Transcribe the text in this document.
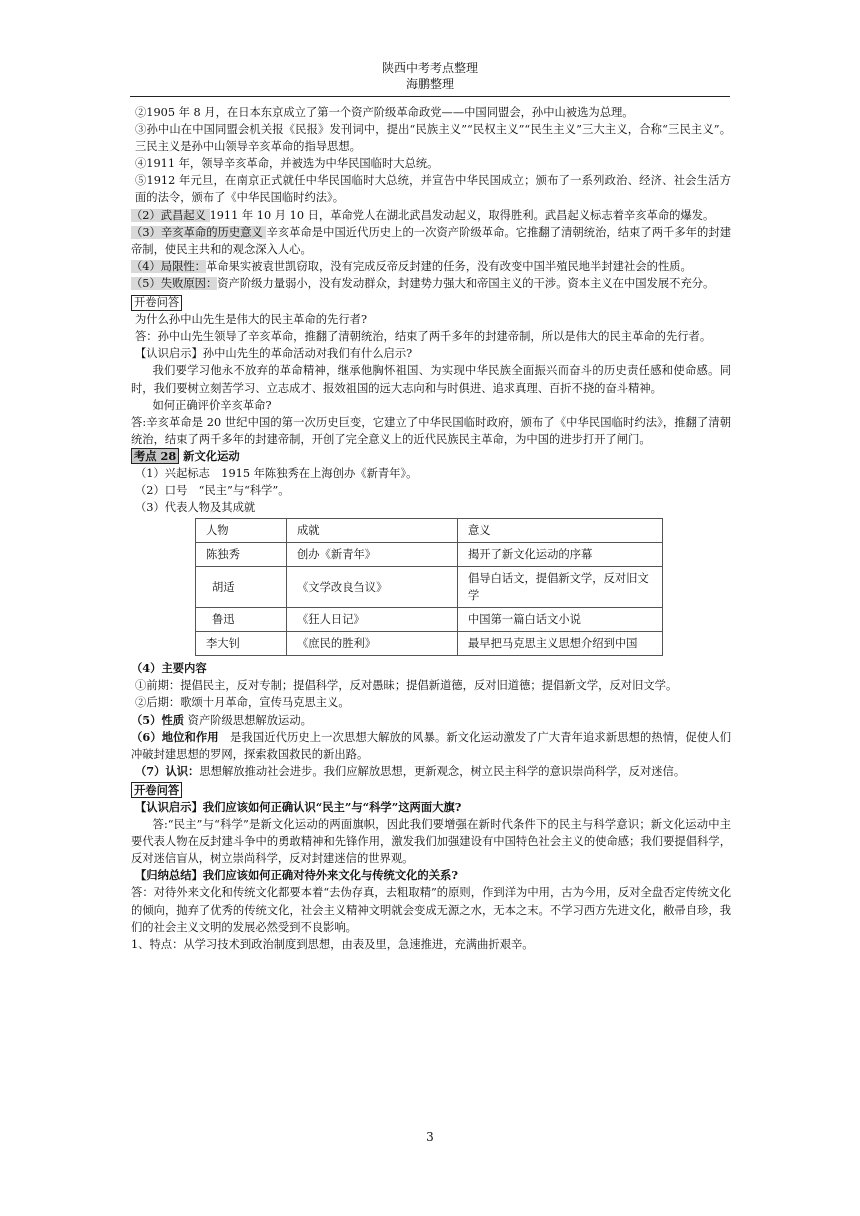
陕西中考考点整理
海鹏整理

②1905 年 8 月，在日本东京成立了第一个资产阶级革命政党——中国同盟会，孙中山被选为总理。

③孙中山在中国同盟会机关报《民报》发刊词中，提出“民族主义”“民权主义”“民生主义”三大主义，合称“三民主义”。三民主义是孙中山领导辛亥革命的指导思想。

④1911 年，领导辛亥革命，并被选为中华民国临时大总统。

⑤1912 年元旦，在南京正式就任中华民国临时大总统，并宣告中华民国成立；颁布了一系列政治、经济、社会生活方面的法令，颁布了《中华民国临时约法》。

（2）武昌起义 1911 年 10 月 10 日，革命党人在湖北武昌发动起义，取得胜利。武昌起义标志着辛亥革命的爆发。

（3）辛亥革命的历史意义 辛亥革命是中国近代历史上的一次资产阶级革命。它推翻了清朝统治，结束了两千多年的封建帝制，使民主共和的观念深入人心。

（4）局限性：革命果实被袁世凯窃取，没有完成反帝反封建的任务，没有改变中国半殖民地半封建社会的性质。

（5）失败原因：资产阶级力量弱小，没有发动群众，封建势力强大和帝国主义的干涉。资本主义在中国发展不充分。

开卷问答

为什么孙中山先生是伟大的民主革命的先行者?

答：孙中山先生领导了辛亥革命，推翻了清朝统治，结束了两千多年的封建帝制，所以是伟大的民主革命的先行者。

【认识启示】孙中山先生的革命活动对我们有什么启示?

我们要学习他永不放弃的革命精神，继承他胸怀祖国、为实现中华民族全面振兴而奋斗的历史责任感和使命感。同时，我们要树立刻苦学习、立志成才、报效祖国的远大志向和与时俱进、追求真理、百折不挠的奋斗精神。

如何正确评价辛亥革命?

答:辛亥革命是 20 世纪中国的第一次历史巨变，它建立了中华民国临时政府，颁布了《中华民国临时约法》，推翻了清朝统治，结束了两千多年的封建帝制，开创了完全意义上的近代民族民主革命，为中国的进步打开了闸门。

考点 28 新文化运动

（1）兴起标志　1915 年陈独秀在上海创办《新青年》。

（2）口号　“民主”与“科学”。

（3）代表人物及其成就

人物	成就	意义
陈独秀	创办《新青年》	揭开了新文化运动的序幕
胡适	《文学改良刍议》	倡导白话文，提倡新文学，反对旧文学
鲁迅	《狂人日记》	中国第一篇白话文小说
李大钊	《庶民的胜利》	最早把马克思主义思想介绍到中国

（4）主要内容

①前期：提倡民主，反对专制；提倡科学，反对愚昧；提倡新道德，反对旧道德；提倡新文学，反对旧文学。

②后期：歌颂十月革命，宣传马克思主义。

（5）性质 资产阶级思想解放运动。

（6）地位和作用　是我国近代历史上一次思想大解放的风暴。新文化运动激发了广大青年追求新思想的热情，促使人们冲破封建思想的罗网，探索救国救民的新出路。

（7）认识：思想解放推动社会进步。我们应解放思想，更新观念，树立民主科学的意识崇尚科学，反对迷信。

开卷问答

【认识启示】我们应该如何正确认识“民主”与“科学”这两面大旗?

答:“民主”与“科学”是新文化运动的两面旗帜，因此我们要增强在新时代条件下的民主与科学意识；新文化运动中主要代表人物在反封建斗争中的勇敢精神和先锋作用，激发我们加强建设有中国特色社会主义的使命感；我们要提倡科学，反对迷信盲从，树立崇尚科学，反对封建迷信的世界观。

【归纳总结】我们应该如何正确对待外来文化与传统文化的关系?

答：对待外来文化和传统文化都要本着“去伪存真，去粗取精”的原则，作到洋为中用，古为今用，反对全盘否定传统文化的倾向，抛弃了优秀的传统文化，社会主义精神文明就会变成无源之水，无本之末。不学习西方先进文化，敝帚自珍，我们的社会主义文明的发展必然受到不良影响。

1、特点：从学习技术到政治制度到思想，由表及里，急速推进，充满曲折艰辛。

3
